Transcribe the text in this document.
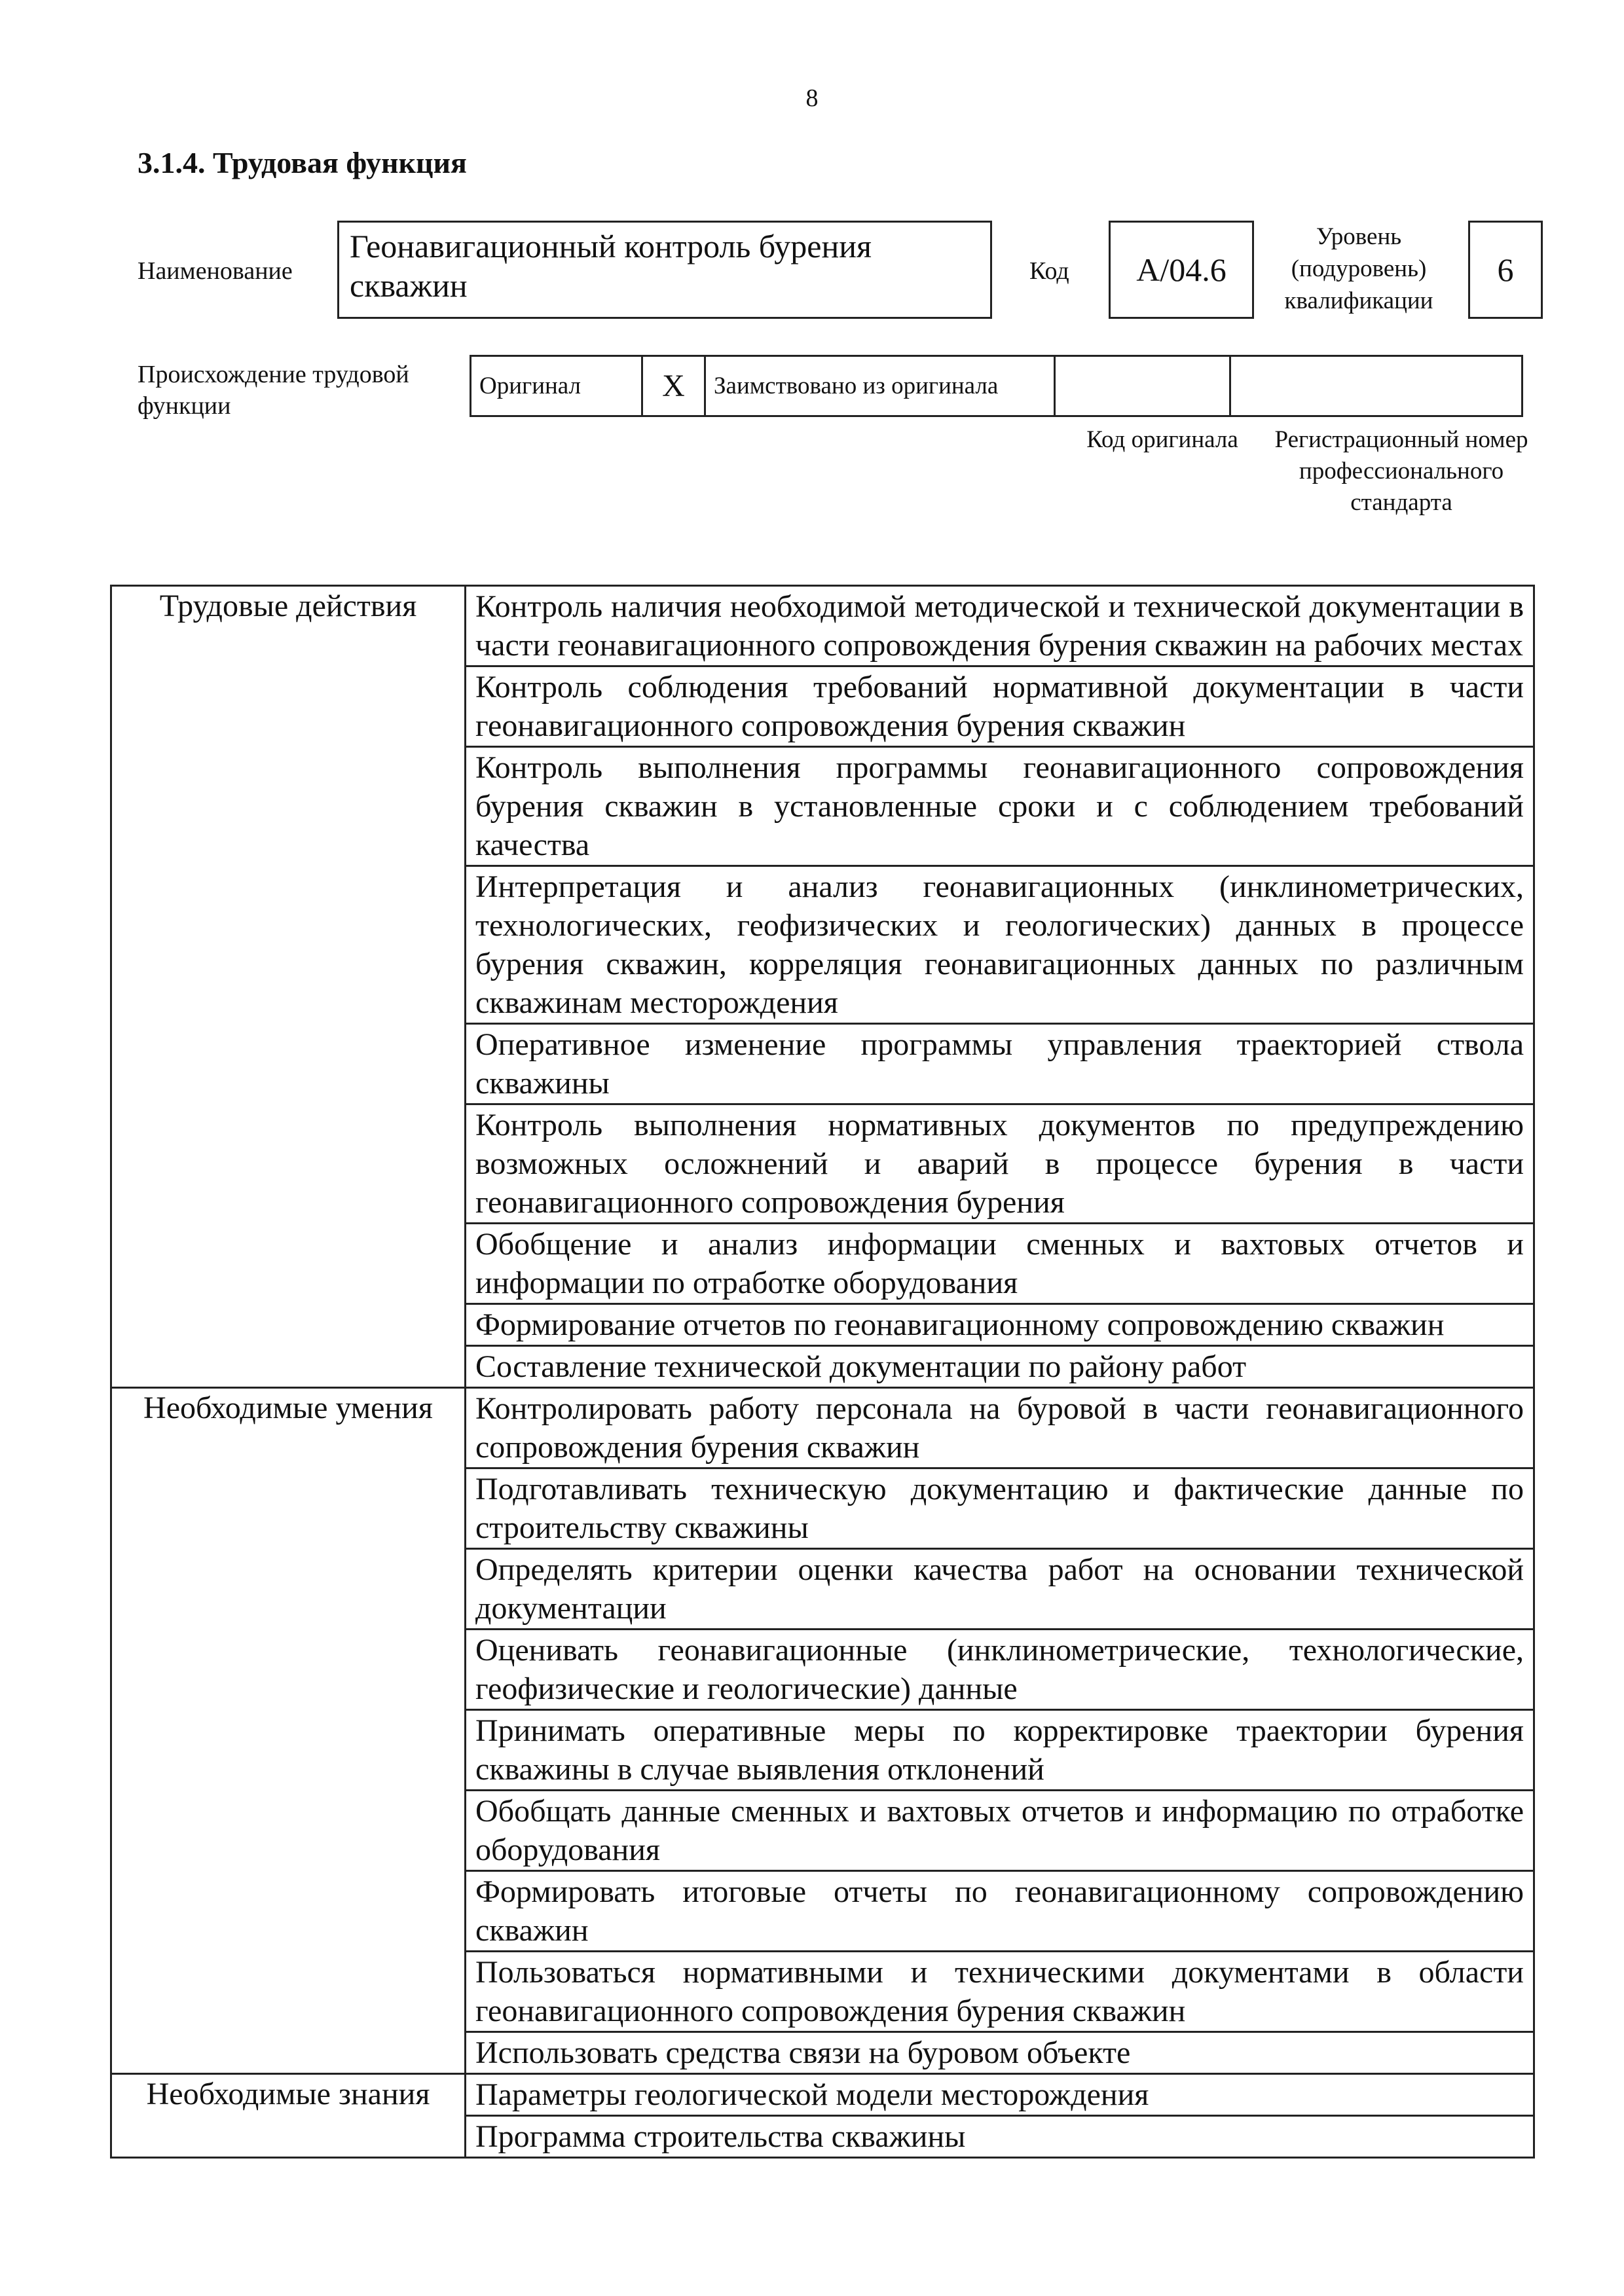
8
3.1.4. Трудовая функция
Наименование
Геонавигационный контроль бурения скважин	Код	А/04.6
Уровень (подуровень) квалификации
6
Происхождение трудовой функции
Оригинал	X	Заимствовано из оригинала		
Код оригинала	Регистрационный номер профессионального стандарта
Трудовые действия	Контроль наличия необходимой методической и технической документации в части геонавигационного сопровождения бурения скважин на рабочих местах
	Контроль соблюдения требований нормативной документации в части геонавигационного сопровождения бурения скважин
	Контроль выполнения программы геонавигационного сопровождения бурения скважин в установленные сроки и с соблюдением требований качества
	Интерпретация и анализ геонавигационных (инклинометрических, технологических, геофизических и геологических) данных в процессе бурения скважин, корреляция геонавигационных данных по различным скважинам месторождения
	Оперативное изменение программы управления траекторией ствола скважины
	Контроль выполнения нормативных документов по предупреждению возможных осложнений и аварий в процессе бурения в части геонавигационного сопровождения бурения
	Обобщение и анализ информации сменных и вахтовых отчетов и информации по отработке оборудования
	Формирование отчетов по геонавигационному сопровождению скважин
	Составление технической документации по району работ
Необходимые умения	Контролировать работу персонала на буровой в части геонавигационного сопровождения бурения скважин
	Подготавливать техническую документацию и фактические данные по строительству скважины
	Определять критерии оценки качества работ на основании технической документации
	Оценивать геонавигационные (инклинометрические, технологические, геофизические и геологические) данные
	Принимать оперативные меры по корректировке траектории бурения скважины в случае выявления отклонений
	Обобщать данные сменных и вахтовых отчетов и информацию по отработке оборудования
	Формировать итоговые отчеты по геонавигационному сопровождению скважин
	Пользоваться нормативными и техническими документами в области геонавигационного сопровождения бурения скважин
	Использовать средства связи на буровом объекте
Необходимые знания	Параметры геологической модели месторождения
	Программа строительства скважины
